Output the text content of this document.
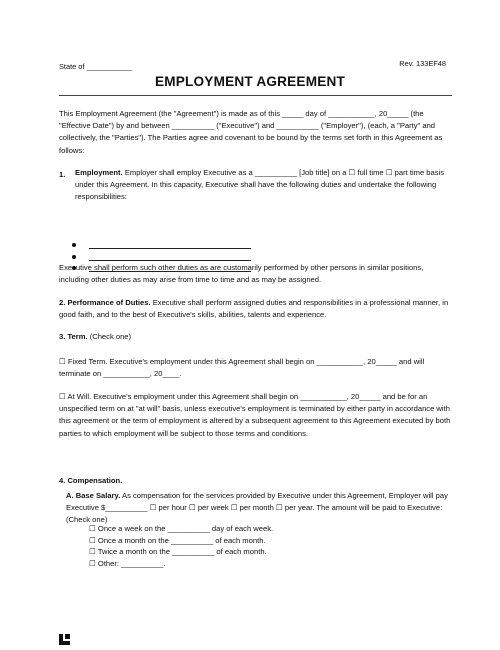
State of ___________	Rev. 133EF48
EMPLOYMENT AGREEMENT

This Employment Agreement (the "Agreement") is made as of this _____ day of ___________, 20_____ (the "Effective Date") by and between __________ ("Executive") and __________ ("Employer"), (each, a "Party" and collectively, the "Parties"). The Parties agree and covenant to be bound by the terms set forth in this Agreement as follows:

1. Employment. Employer shall employ Executive as a __________ [Job title] on a ☐ full time ☐ part time basis under this Agreement. In this capacity, Executive shall have the following duties and undertake the following responsibilities:

Executive shall perform such other duties as are customarily performed by other persons in similar positions, including other duties as may arise from time to time and as may be assigned.

2. Performance of Duties. Executive shall perform assigned duties and responsibilities in a professional manner, in good faith, and to the best of Executive's skills, abilities, talents and experience.

3. Term. (Check one)

☐ Fixed Term. Executive's employment under this Agreement shall begin on ___________, 20_____ and will terminate on ___________, 20____.

☐ At Will. Executive's employment under this Agreement shall begin on ___________, 20_____ and be for an unspecified term on at "at will" basis, unless executive's employment is terminated by either party in accordance with this agreement or the term of employment is altered by a subsequent agreement to this Agreement executed by both parties to which employment will be subject to those terms and conditions.

4. Compensation.

A. Base Salary. As compensation for the services provided by Executive under this Agreement, Employer will pay Executive $__________ ☐ per hour ☐ per week ☐ per month ☐ per year. The amount will be paid to Executive: (Check one)

☐ Once a week on the __________ day of each week.
☐ Once a month on the __________ of each month.
☐ Twice a month on the __________ of each month.
☐ Other: __________.
